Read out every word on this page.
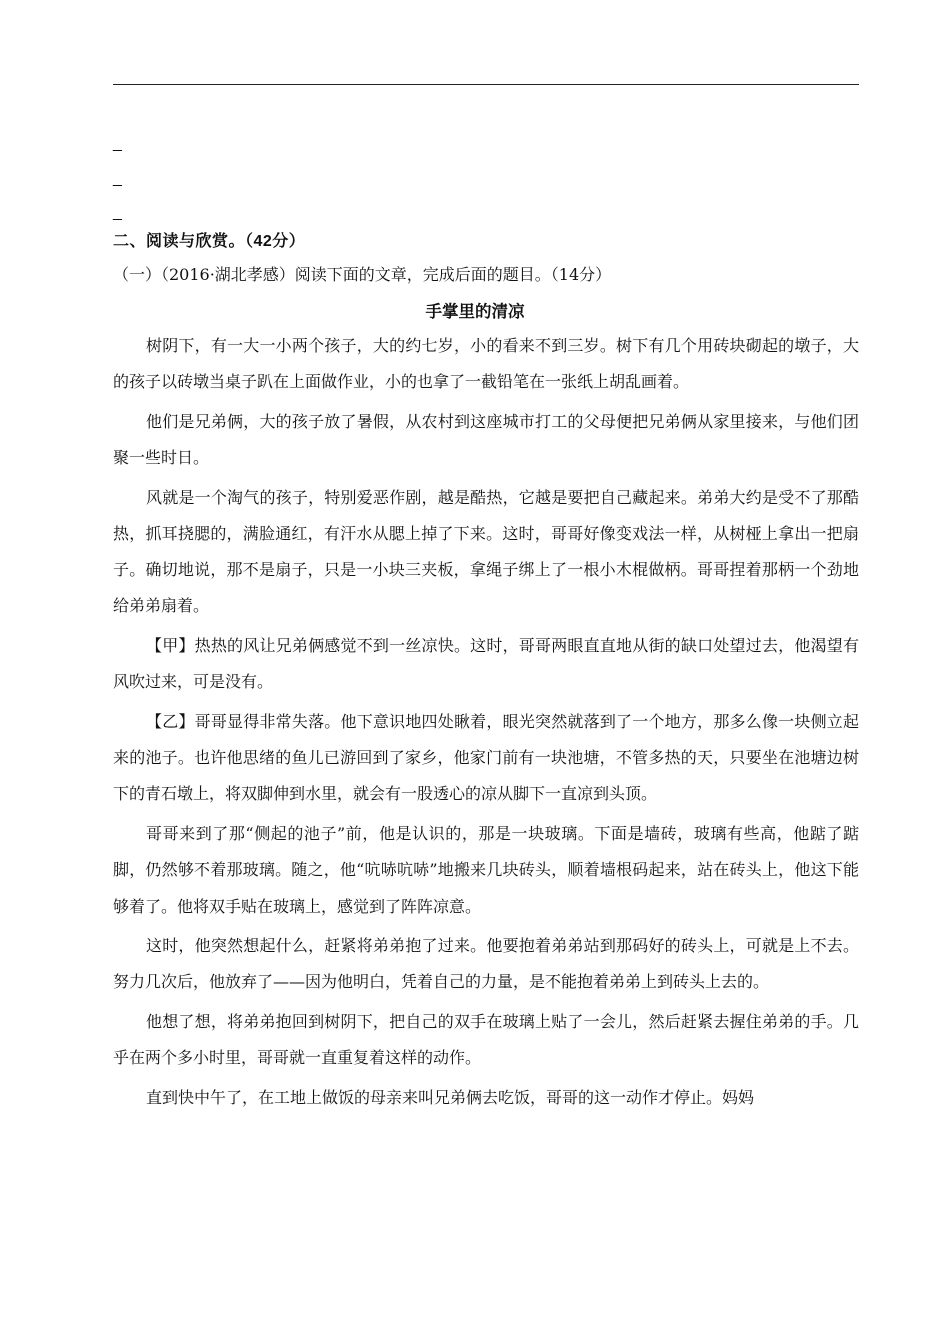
_
_
_
二、阅读与欣赏。（42分）
（一）（2016·湖北孝感）阅读下面的文章，完成后面的题目。（14分）
手掌里的清凉

树阴下，有一大一小两个孩子，大的约七岁，小的看来不到三岁。树下有几个用砖块砌起的墩子，大的孩子以砖墩当桌子趴在上面做作业，小的也拿了一截铅笔在一张纸上胡乱画着。

他们是兄弟俩，大的孩子放了暑假，从农村到这座城市打工的父母便把兄弟俩从家里接来，与他们团聚一些时日。

风就是一个淘气的孩子，特别爱恶作剧，越是酷热，它越是要把自己藏起来。弟弟大约是受不了那酷热，抓耳挠腮的，满脸通红，有汗水从腮上掉了下来。这时，哥哥好像变戏法一样，从树桠上拿出一把扇子。确切地说，那不是扇子，只是一小块三夹板，拿绳子绑上了一根小木棍做柄。哥哥捏着那柄一个劲地给弟弟扇着。

【甲】热热的风让兄弟俩感觉不到一丝凉快。这时，哥哥两眼直直地从街的缺口处望过去，他渴望有风吹过来，可是没有。

【乙】哥哥显得非常失落。他下意识地四处瞅着，眼光突然就落到了一个地方，那多么像一块侧立起来的池子。也许他思绪的鱼儿已游回到了家乡，他家门前有一块池塘，不管多热的天，只要坐在池塘边树下的青石墩上，将双脚伸到水里，就会有一股透心的凉从脚下一直凉到头顶。

哥哥来到了那“侧起的池子”前，他是认识的，那是一块玻璃。下面是墙砖，玻璃有些高，他踮了踮脚，仍然够不着那玻璃。随之，他“吭哧吭哧”地搬来几块砖头，顺着墙根码起来，站在砖头上，他这下能够着了。他将双手贴在玻璃上，感觉到了阵阵凉意。

这时，他突然想起什么，赶紧将弟弟抱了过来。他要抱着弟弟站到那码好的砖头上，可就是上不去。努力几次后，他放弃了——因为他明白，凭着自己的力量，是不能抱着弟弟上到砖头上去的。

他想了想，将弟弟抱回到树阴下，把自己的双手在玻璃上贴了一会儿，然后赶紧去握住弟弟的手。几乎在两个多小时里，哥哥就一直重复着这样的动作。

直到快中午了，在工地上做饭的母亲来叫兄弟俩去吃饭，哥哥的这一动作才停止。妈妈
